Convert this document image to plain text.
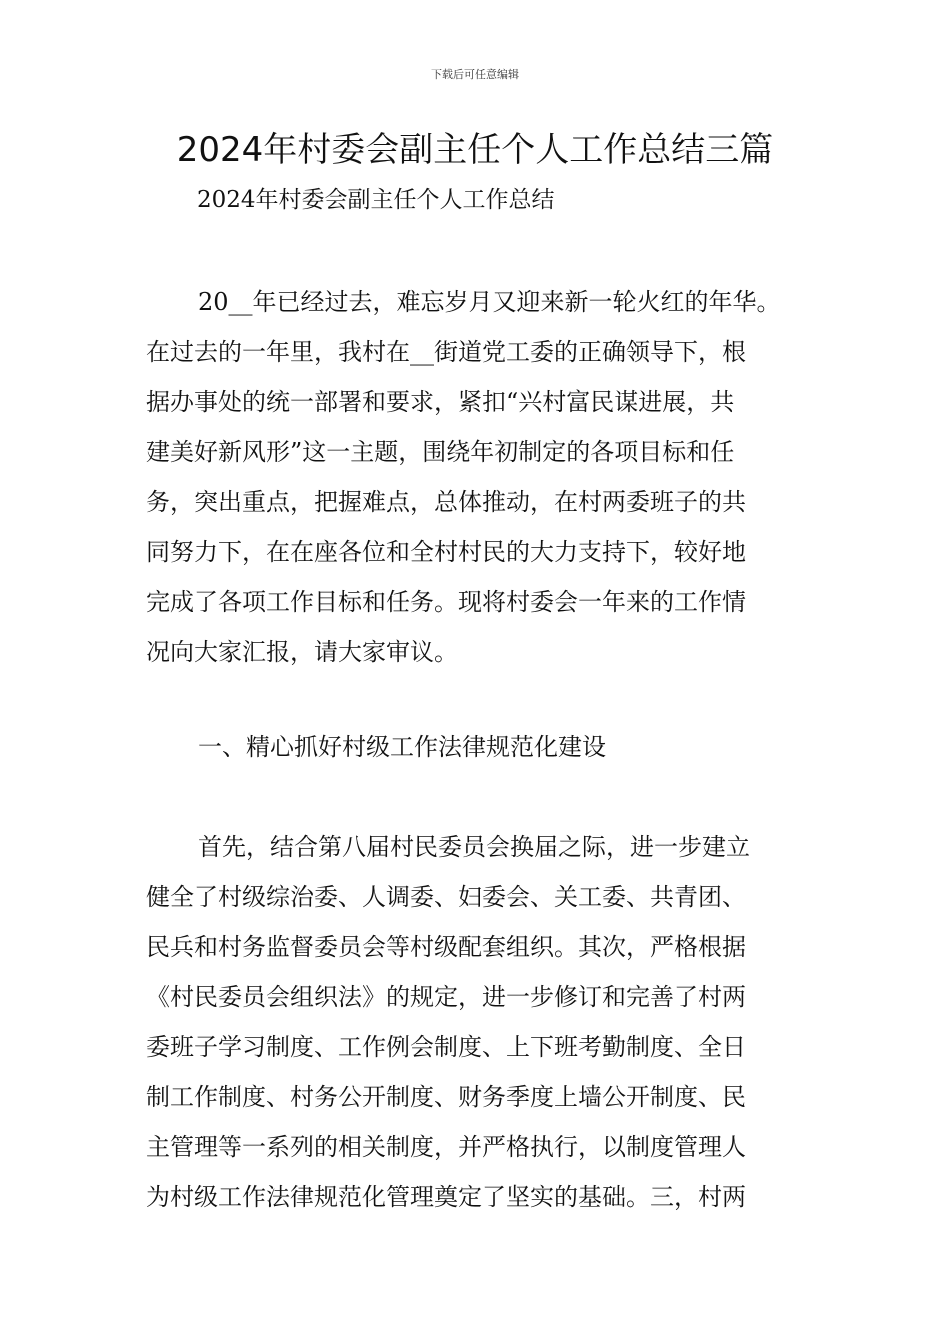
下载后可任意编辑
2024年村委会副主任个人工作总结三篇

2024年村委会副主任个人工作总结

20__年已经过去，难忘岁月又迎来新一轮火红的年华。
在过去的一年里，我村在__街道党工委的正确领导下，根
据办事处的统一部署和要求，紧扣“兴村富民谋进展，共
建美好新风形”这一主题，围绕年初制定的各项目标和任
务，突出重点，把握难点，总体推动，在村两委班子的共
同努力下，在在座各位和全村村民的大力支持下，较好地
完成了各项工作目标和任务。现将村委会一年来的工作情
况向大家汇报，请大家审议。
一、精心抓好村级工作法律规范化建设
首先，结合第八届村民委员会换届之际，进一步建立
健全了村级综治委、人调委、妇委会、关工委、共青团、
民兵和村务监督委员会等村级配套组织。其次，严格根据
《村民委员会组织法》的规定，进一步修订和完善了村两
委班子学习制度、工作例会制度、上下班考勤制度、全日
制工作制度、村务公开制度、财务季度上墙公开制度、民
主管理等一系列的相关制度，并严格执行，以制度管理人
为村级工作法律规范化管理奠定了坚实的基础。三，村两
